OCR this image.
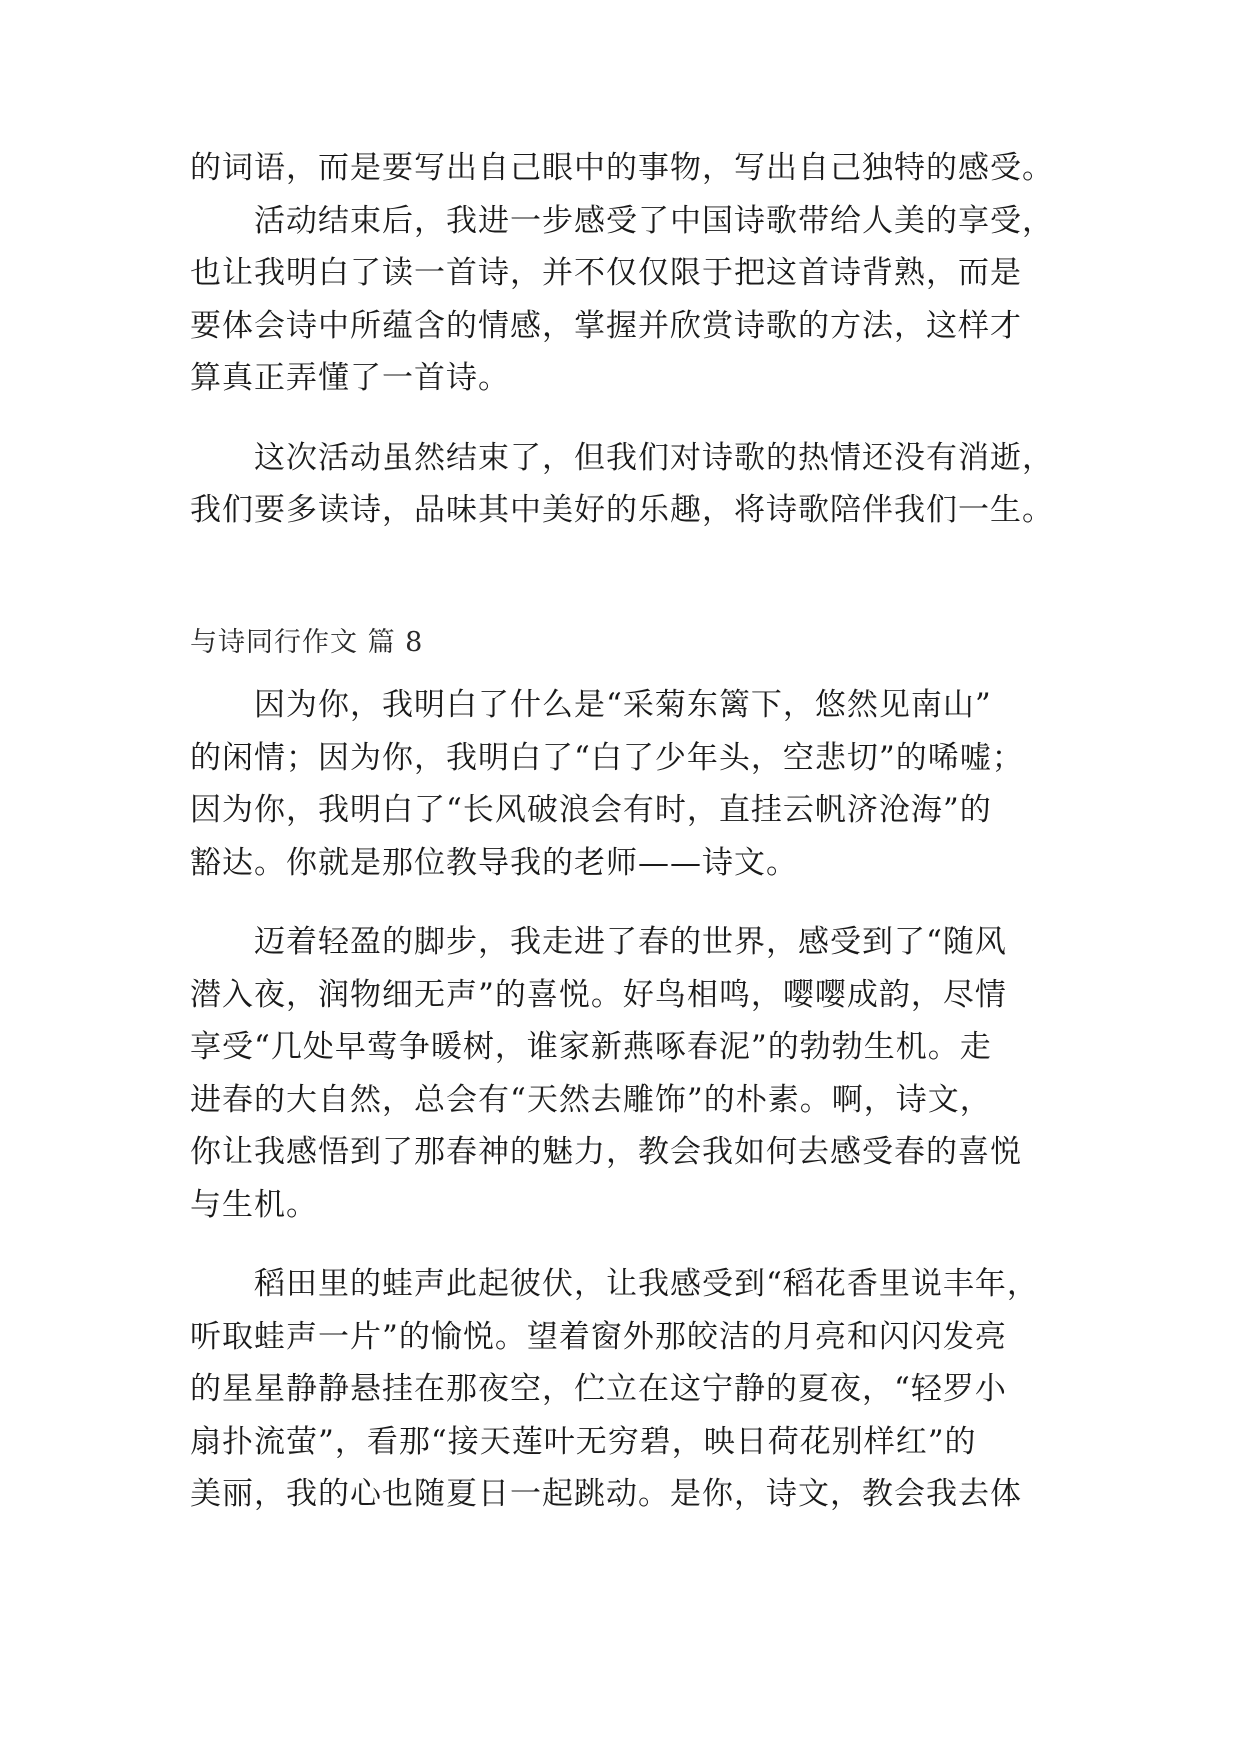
的词语，而是要写出自己眼中的事物，写出自己独特的感受。
　　活动结束后，我进一步感受了中国诗歌带给人美的享受，
也让我明白了读一首诗，并不仅仅限于把这首诗背熟，而是
要体会诗中所蕴含的情感，掌握并欣赏诗歌的方法，这样才
算真正弄懂了一首诗。
　　这次活动虽然结束了，但我们对诗歌的热情还没有消逝，
我们要多读诗，品味其中美好的乐趣，将诗歌陪伴我们一生。
与诗同行作文 篇 8
　　因为你，我明白了什么是“采菊东篱下，悠然见南山”
的闲情；因为你，我明白了“白了少年头，空悲切”的唏嘘；
因为你，我明白了“长风破浪会有时，直挂云帆济沧海”的
豁达。你就是那位教导我的老师——诗文。
　　迈着轻盈的脚步，我走进了春的世界，感受到了“随风
潜入夜，润物细无声”的喜悦。好鸟相鸣，嘤嘤成韵，尽情
享受“几处早莺争暖树，谁家新燕啄春泥”的勃勃生机。走
进春的大自然，总会有“天然去雕饰”的朴素。啊，诗文，
你让我感悟到了那春神的魅力，教会我如何去感受春的喜悦
与生机。
　　稻田里的蛙声此起彼伏，让我感受到“稻花香里说丰年，
听取蛙声一片”的愉悦。望着窗外那皎洁的月亮和闪闪发亮
的星星静静悬挂在那夜空，伫立在这宁静的夏夜，“轻罗小
扇扑流萤”，看那“接天莲叶无穷碧，映日荷花别样红”的
美丽，我的心也随夏日一起跳动。是你，诗文，教会我去体
